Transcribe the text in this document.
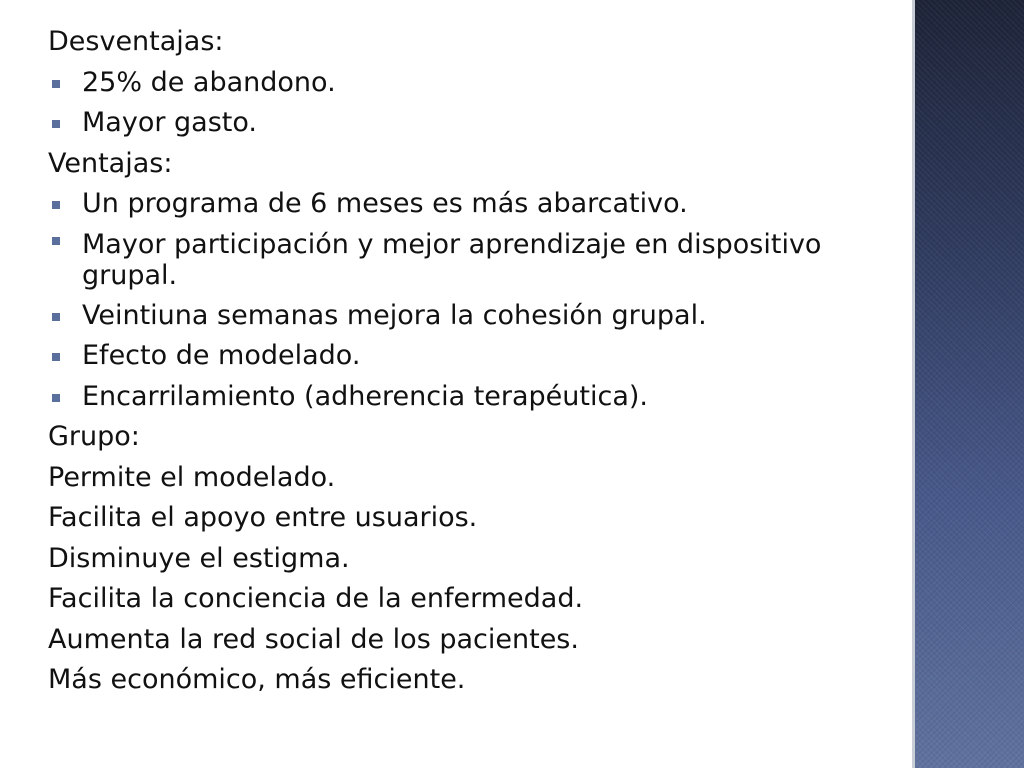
Desventajas:
25% de abandono.
Mayor gasto.
Ventajas:
Un programa de 6 meses es más abarcativo.
Mayor participación y mejor aprendizaje en dispositivo grupal.
Veintiuna semanas mejora la cohesión grupal.
Efecto de modelado.
Encarrilamiento (adherencia terapéutica).
Grupo:
Permite el modelado.
Facilita el apoyo entre usuarios.
Disminuye el estigma.
Facilita la conciencia de la enfermedad.
Aumenta la red social de los pacientes.
Más económico, más eficiente.
